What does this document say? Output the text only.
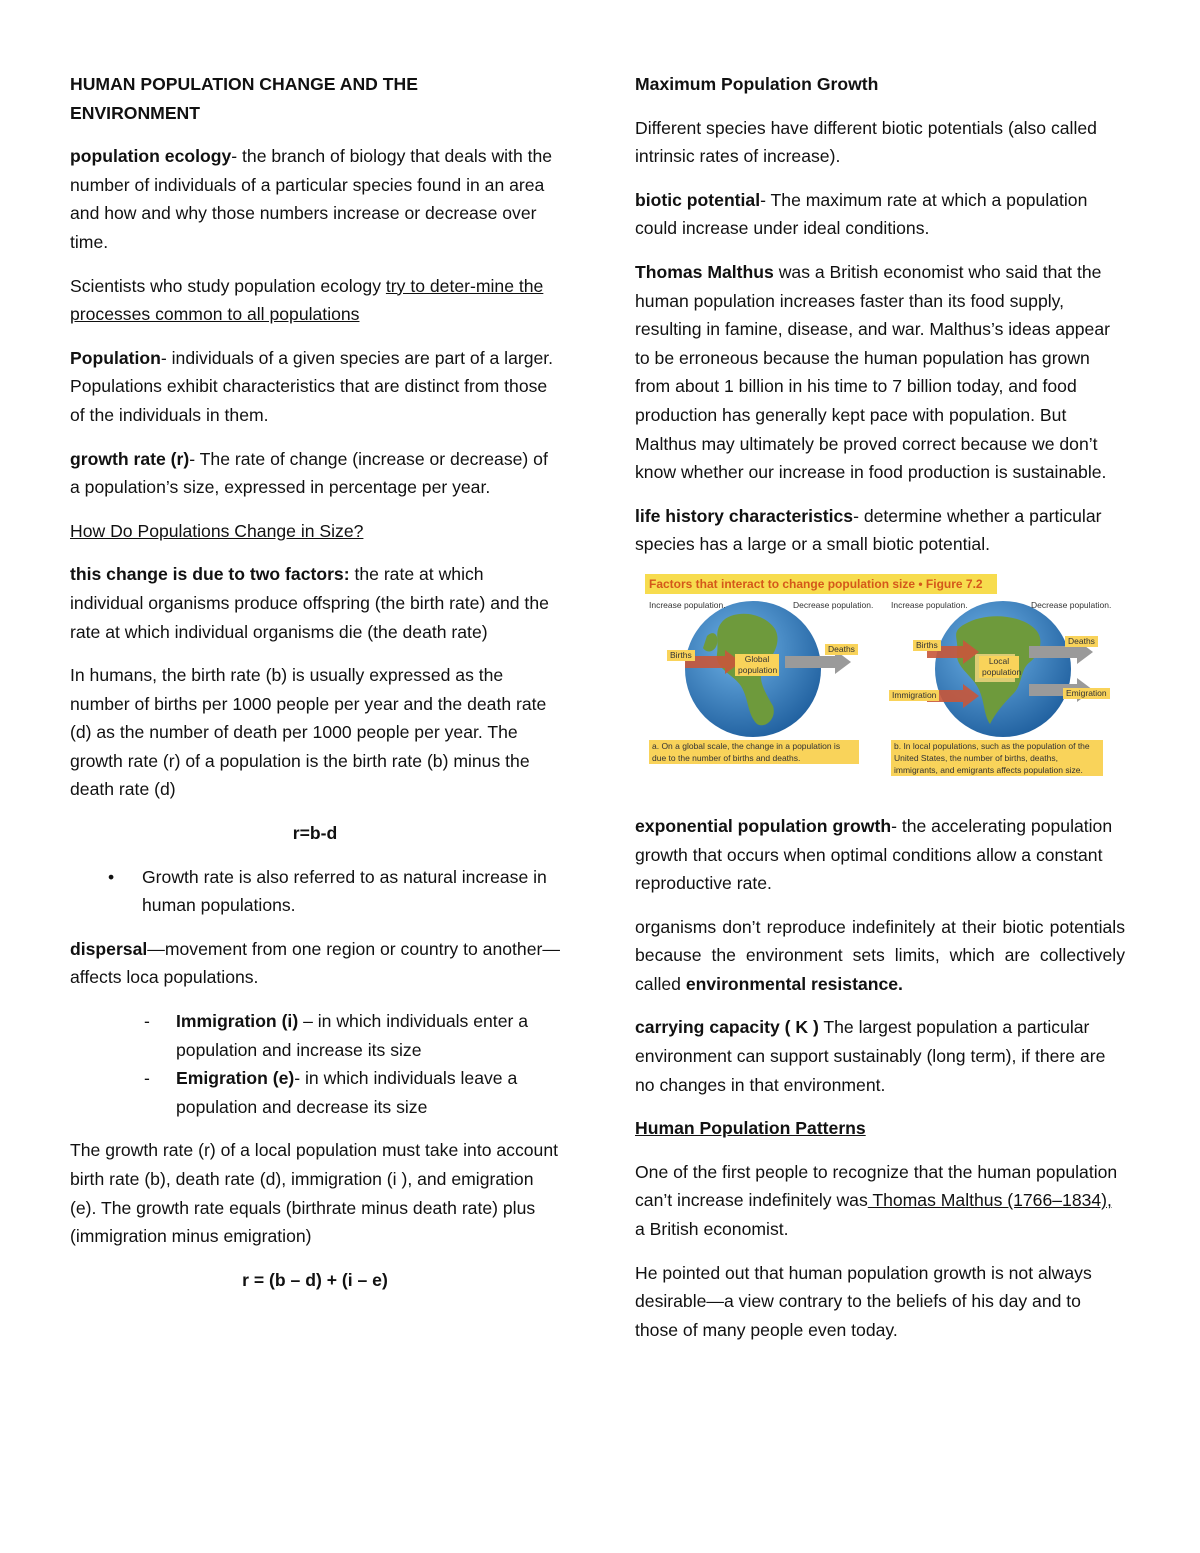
HUMAN POPULATION CHANGE AND THE
ENVIRONMENT

population ecology- the branch of biology that deals with the number of individuals of a particular species found in an area and how and why those numbers increase or decrease over time.

Scientists who study population ecology try to deter-mine the processes common to all populations

Population- individuals of a given species are part of a larger. Populations exhibit characteristics that are distinct from those of the individuals in them.

growth rate (r)- The rate of change (increase or decrease) of a population’s size, expressed in percentage per year.

How Do Populations Change in Size?

this change is due to two factors: the rate at which individual organisms produce offspring (the birth rate) and the rate at which individual organisms die (the death rate)

In humans, the birth rate (b) is usually expressed as the number of births per 1000 people per year and the death rate (d) as the number of death per 1000 people per year. The growth rate (r) of a population is the birth rate (b) minus the death rate (d)

r=b-d

•	Growth rate is also referred to as natural increase in human populations.

dispersal—movement from one region or country to another— affects loca populations.

-	Immigration (i) – in which individuals enter a population and increase its size
-	Emigration (e)- in which individuals leave a population and decrease its size

The growth rate (r) of a local population must take into account birth rate (b), death rate (d), immigration (i ), and emigration (e). The growth rate equals (birthrate minus death rate) plus (immigration minus emigration)

r = (b – d) + (i – e)

Maximum Population Growth

Different species have different biotic potentials (also called intrinsic rates of increase).

biotic potential- The maximum rate at which a population could increase under ideal conditions.

Thomas Malthus was a British economist who said that the human population increases faster than its food supply, resulting in famine, disease, and war. Malthus’s ideas appear to be erroneous because the human population has grown from about 1 billion in his time to 7 billion today, and food production has generally kept pace with population. But Malthus may ultimately be proved correct because we don’t know whether our increase in food production is sustainable.

life history characteristics- determine whether a particular species has a large or a small biotic potential.

Factors that interact to change population size • Figure 7.2
Increase population.	Decrease population.
Births
Deaths
Global population
a. On a global scale, the change in a population is due to the number of births and deaths.
Increase population.	Decrease population.
Births	Deaths
Immigration	Emigration
Local population
b. In local populations, such as the population of the United States, the number of births, deaths, immigrants, and emigrants affects population size.

exponential population growth- the accelerating population growth that occurs when optimal conditions allow a constant reproductive rate.

organisms don’t reproduce indefinitely at their biotic potentials because the environment sets limits, which are collectively called environmental resistance.

carrying capacity ( K ) The largest population a particular environment can support sustainably (long term), if there are no changes in that environment.

Human Population Patterns

One of the first people to recognize that the human population can’t increase indefinitely was Thomas Malthus (1766–1834), a British economist.

He pointed out that human population growth is not always desirable—a view contrary to the beliefs of his day and to those of many people even today.
